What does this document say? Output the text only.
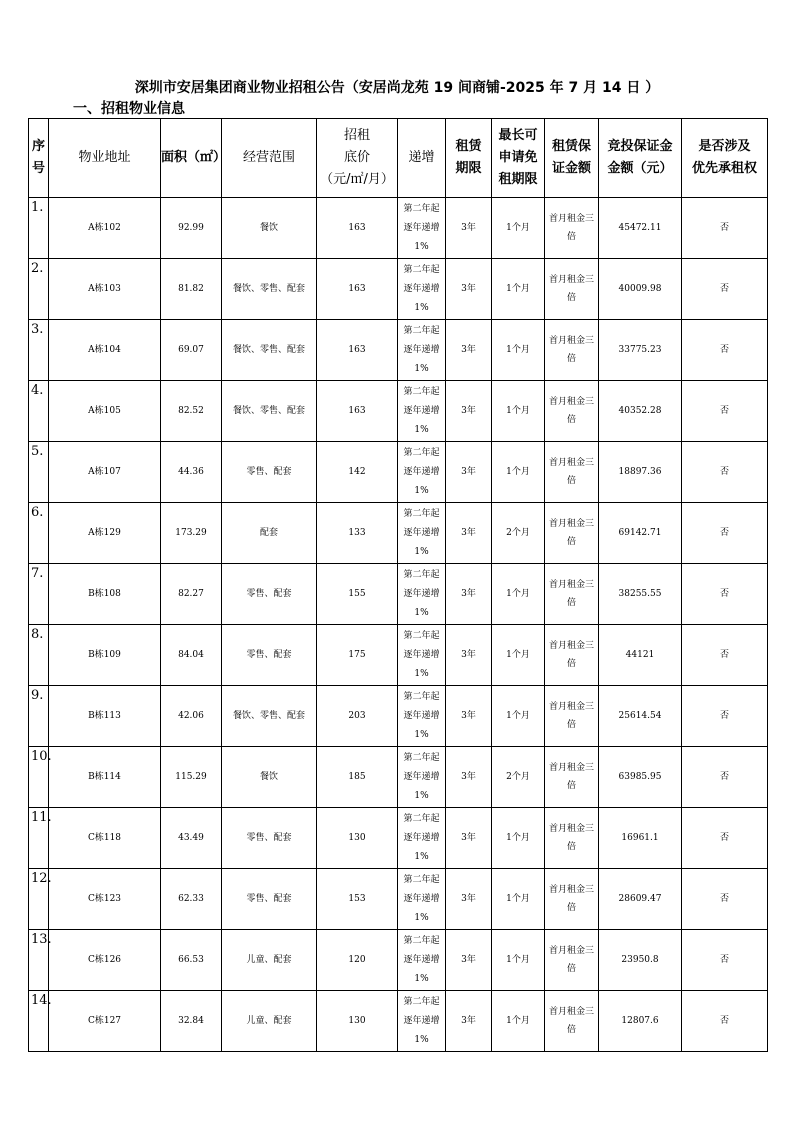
深圳市安居集团商业物业招租公告（安居尚龙苑 19 间商铺-2025 年 7 月 14 日 ）
一、招租物业信息
序
号	物业地址	面积（㎡）	经营范围	招租
底价
（元/㎡/月）	递增	租赁
期限	最长可
申请免
租期限	租赁保
证金额	竞投保证金
金额（元）	是否涉及
优先承租权
1.	A栋102	92.99	餐饮	163	第二年起
逐年递增
1%	3年	1个月	首月租金三
倍	45472.11	否
2.	A栋103	81.82	餐饮、零售、配套	163	第二年起
逐年递增
1%	3年	1个月	首月租金三
倍	40009.98	否
3.	A栋104	69.07	餐饮、零售、配套	163	第二年起
逐年递增
1%	3年	1个月	首月租金三
倍	33775.23	否
4.	A栋105	82.52	餐饮、零售、配套	163	第二年起
逐年递增
1%	3年	1个月	首月租金三
倍	40352.28	否
5.	A栋107	44.36	零售、配套	142	第二年起
逐年递增
1%	3年	1个月	首月租金三
倍	18897.36	否
6.	A栋129	173.29	配套	133	第二年起
逐年递增
1%	3年	2个月	首月租金三
倍	69142.71	否
7.	B栋108	82.27	零售、配套	155	第二年起
逐年递增
1%	3年	1个月	首月租金三
倍	38255.55	否
8.	B栋109	84.04	零售、配套	175	第二年起
逐年递增
1%	3年	1个月	首月租金三
倍	44121	否
9.	B栋113	42.06	餐饮、零售、配套	203	第二年起
逐年递增
1%	3年	1个月	首月租金三
倍	25614.54	否
10.	B栋114	115.29	餐饮	185	第二年起
逐年递增
1%	3年	2个月	首月租金三
倍	63985.95	否
11.	C栋118	43.49	零售、配套	130	第二年起
逐年递增
1%	3年	1个月	首月租金三
倍	16961.1	否
12.	C栋123	62.33	零售、配套	153	第二年起
逐年递增
1%	3年	1个月	首月租金三
倍	28609.47	否
13.	C栋126	66.53	儿童、配套	120	第二年起
逐年递增
1%	3年	1个月	首月租金三
倍	23950.8	否
14.	C栋127	32.84	儿童、配套	130	第二年起
逐年递增
1%	3年	1个月	首月租金三
倍	12807.6	否
